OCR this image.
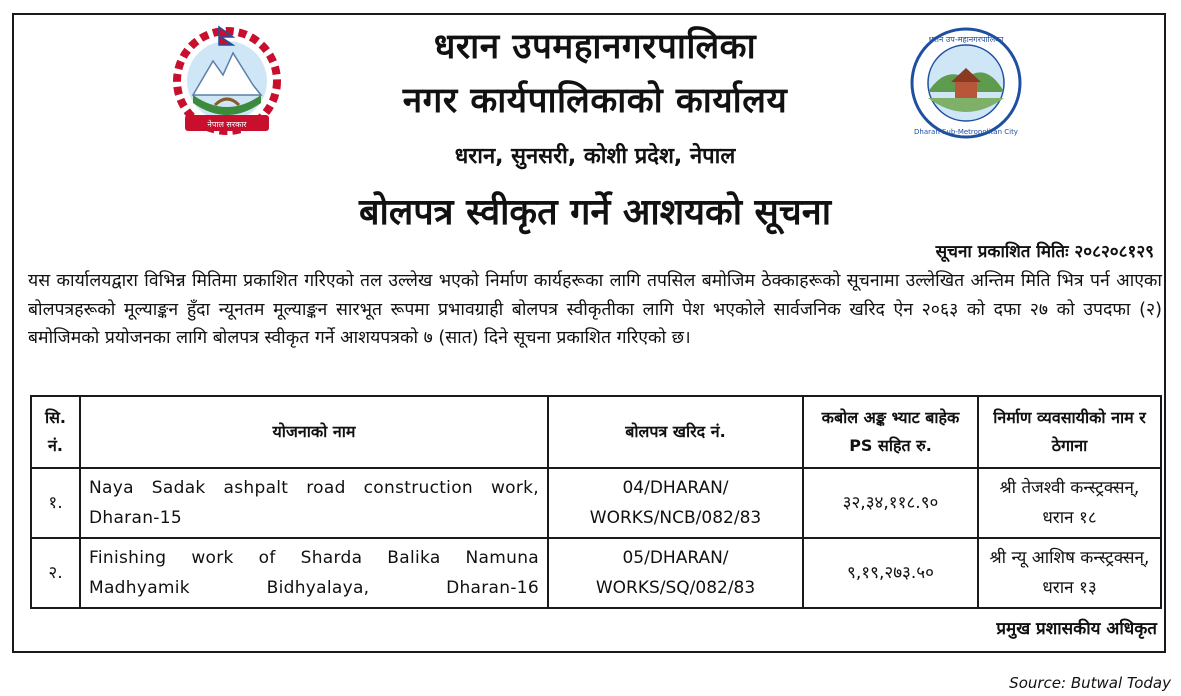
नेपाल सरकार
धरान उप-महानगरपालिका
Dharan Sub-Metropolitan City
धरान उपमहानगरपालिका
नगर कार्यपालिकाको कार्यालय
धरान, सुनसरी, कोशी प्रदेश, नेपाल
बोलपत्र स्वीकृत गर्ने आशयको सूचना
सूचना प्रकाशित मितिः २०८२०८१२९
यस कार्यालयद्वारा विभिन्न मितिमा प्रकाशित गरिएको तल उल्लेख भएको निर्माण कार्यहरूका लागि तपसिल बमोजिम ठेक्काहरूको सूचनामा उल्लेखित अन्तिम मिति भित्र पर्न आएका बोलपत्रहरूको मूल्याङ्कन हुँदा न्यूनतम मूल्याङ्कन सारभूत रूपमा प्रभावग्राही बोलपत्र स्वीकृतीका लागि पेश भएकोले सार्वजनिक खरिद ऐन २०६३ को दफा २७ को उपदफा (२) बमोजिमको प्रयोजनका लागि बोलपत्र स्वीकृत गर्ने आशयपत्रको ७ (सात) दिने सूचना प्रकाशित गरिएको छ।
सि. नं.	योजनाको नाम	बोलपत्र खरिद नं.	कबोल अङ्क भ्याट बाहेक PS सहित रु.	निर्माण व्यवसायीको नाम र ठेगाना
१.	Naya Sadak ashpalt road construction work, Dharan-15	04/DHARAN/ WORKS/NCB/082/83	३२,३४,११८.९०	श्री तेजश्वी कन्स्ट्रक्सन्, धरान १८
२.	Finishing work of Sharda Balika Namuna Madhyamik Bidhyalaya, Dharan-16	05/DHARAN/ WORKS/SQ/082/83	९,१९,२७३.५०	श्री न्यू आशिष कन्स्ट्रक्सन्, धरान १३
प्रमुख प्रशासकीय अधिकृत
Source: Butwal Today
